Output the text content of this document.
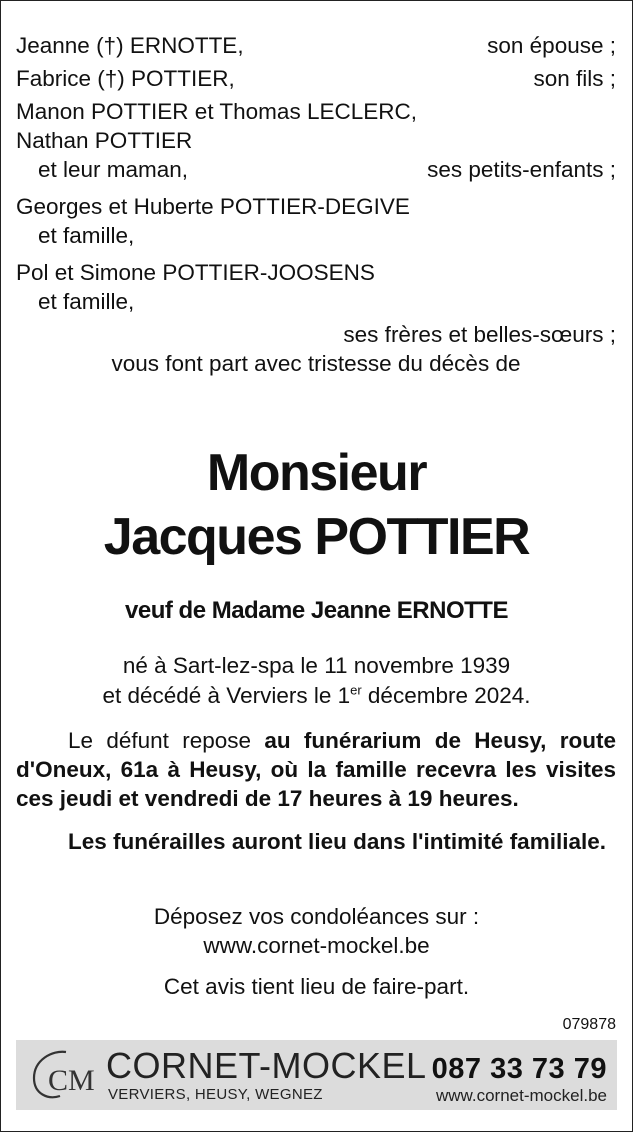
Jeanne (†) ERNOTTE,	son épouse ;
Fabrice (†) POTTIER,	son fils ;
Manon POTTIER et Thomas LECLERC,
Nathan POTTIER
et leur maman,	ses petits-enfants ;
Georges et Huberte POTTIER-DEGIVE
et famille,
Pol et Simone POTTIER-JOOSENS
et famille,
ses frères et belles-sœurs ;
vous font part avec tristesse du décès de
Monsieur
Jacques POTTIER
veuf de Madame Jeanne ERNOTTE
né à Sart-lez-spa le 11 novembre 1939
et décédé à Verviers le 1er décembre 2024.
Le défunt repose au funérarium de Heusy, route d'Oneux, 61a à Heusy, où la famille recevra les visites ces jeudi et vendredi de 17 heures à 19 heures.
Les funérailles auront lieu dans l'intimité familiale.
Déposez vos condoléances sur :
www.cornet-mockel.be
Cet avis tient lieu de faire-part.
079878
CM CORNET-MOCKEL
VERVIERS, HEUSY, WEGNEZ
087 33 73 79
www.cornet-mockel.be
